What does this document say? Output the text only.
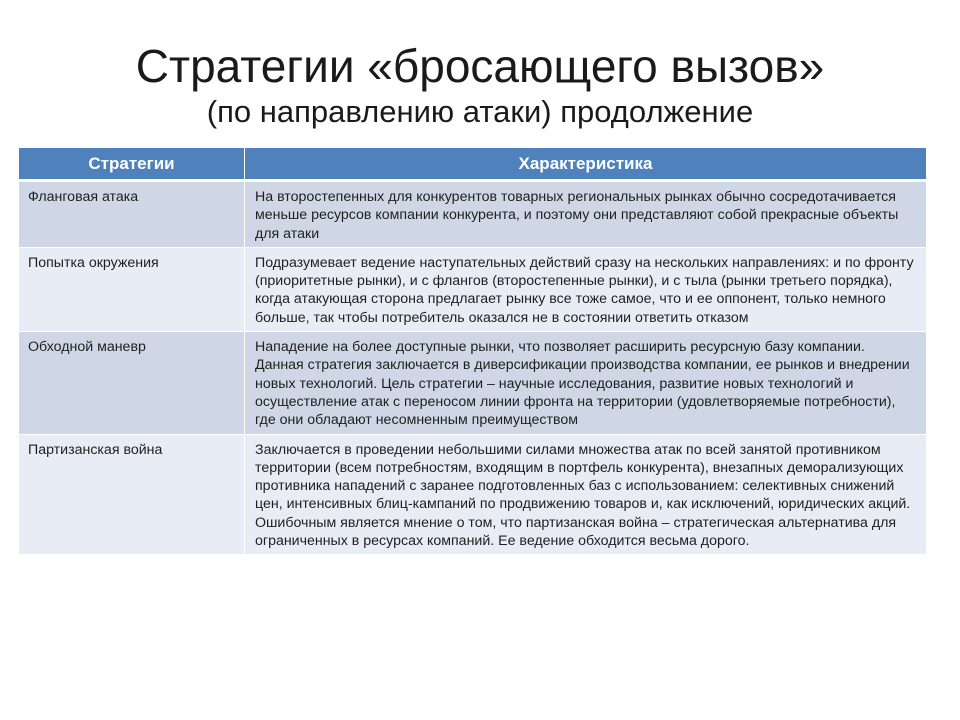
Стратегии «бросающего вызов»
(по направлению атаки) продолжение
Стратегии	Характеристика
Фланговая атака	На второстепенных для конкурентов товарных региональных рынках обычно сосредотачивается меньше ресурсов компании конкурента, и поэтому они представляют собой прекрасные объекты для атаки
Попытка окружения	Подразумевает ведение наступательных действий сразу на нескольких направлениях: и по фронту (приоритетные рынки), и с флангов (второстепенные рынки), и с тыла (рынки третьего порядка), когда атакующая сторона предлагает рынку все тоже самое, что и ее оппонент, только немного больше, так чтобы потребитель оказался не в состоянии ответить отказом
Обходной маневр	Нападение на более доступные рынки, что позволяет расширить ресурсную базу компании. Данная стратегия заключается в диверсификации производства компании, ее рынков и внедрении новых технологий. Цель стратегии – научные исследования, развитие новых технологий и осуществление атак с переносом линии фронта на территории (удовлетворяемые потребности), где они обладают несомненным преимуществом
Партизанская война	Заключается в проведении небольшими силами множества атак по всей занятой противником территории (всем потребностям, входящим в портфель конкурента), внезапных деморализующих противника нападений с заранее подготовленных баз с использованием: селективных снижений цен, интенсивных блиц-кампаний по продвижению товаров и, как исключений, юридических акций. Ошибочным является мнение о том, что партизанская война – стратегическая альтернатива для ограниченных в ресурсах компаний. Ее ведение обходится весьма дорого.
